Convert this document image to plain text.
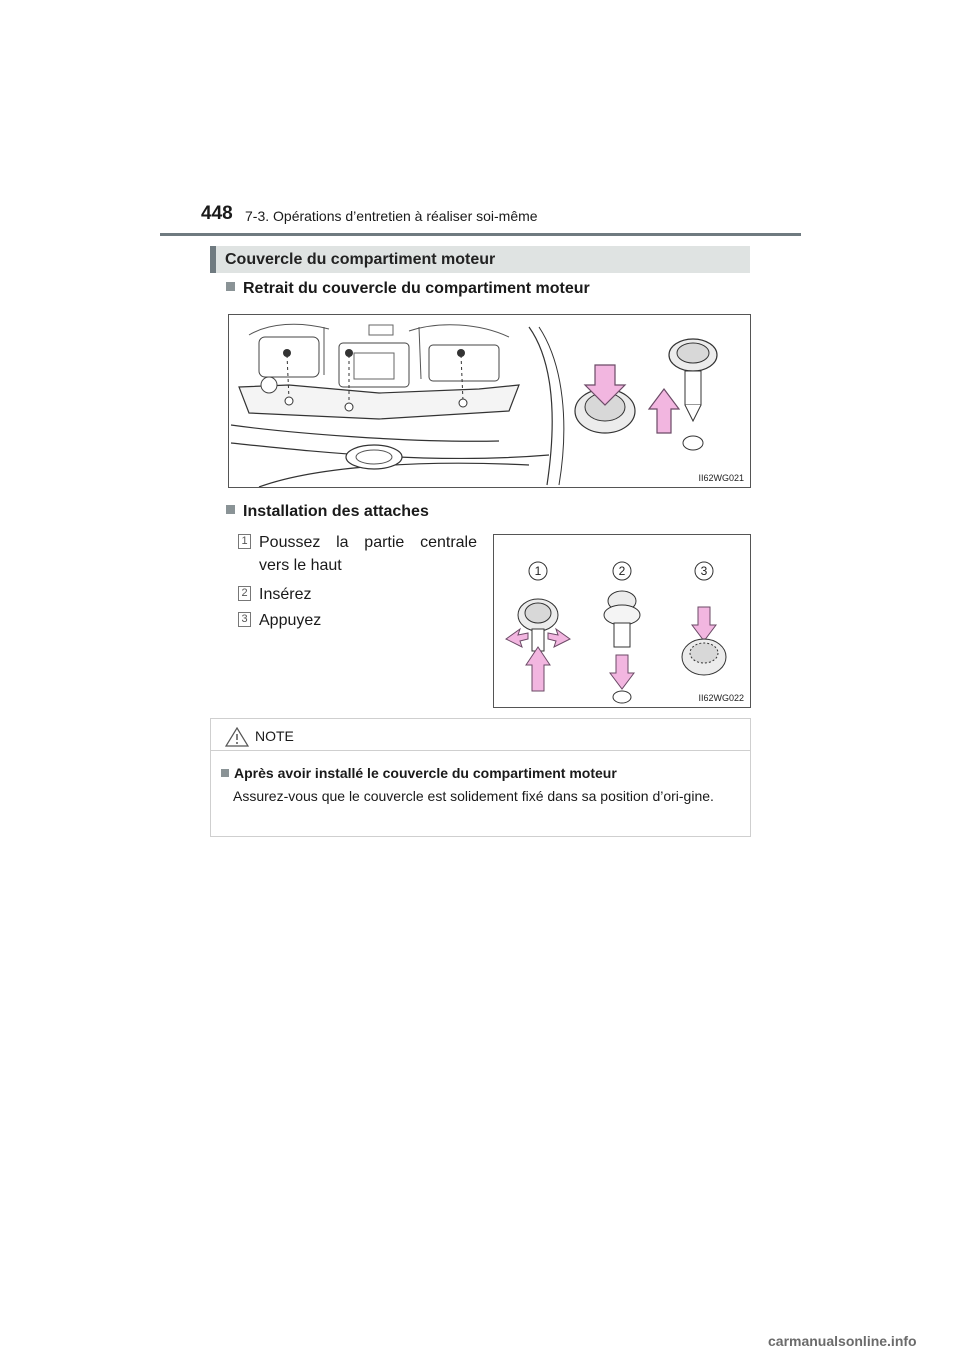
448 7-3. Opérations d’entretien à réaliser soi-même
Couvercle du compartiment moteur
Retrait du couvercle du compartiment moteur
II62WG021
Installation des attaches
1 Poussez la partie centrale vers le haut
2 Insérez
3 Appuyez
1	2	3
II62WG022
NOTE
Après avoir installé le couvercle du compartiment moteur
Assurez-vous que le couvercle est solidement fixé dans sa position d’ori-gine.
carmanualsonline.info
